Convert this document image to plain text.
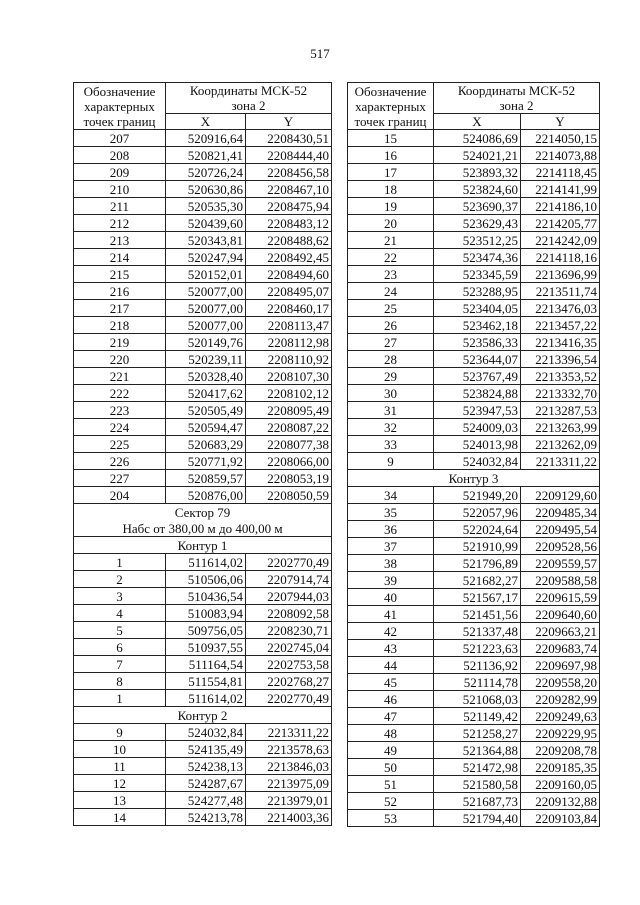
517
Обозначение
характерных
точек границ	Координаты МСК-52	
	зона 2	
	X	Y
207	520916,64	2208430,51
208	520821,41	2208444,40
209	520726,24	2208456,58
210	520630,86	2208467,10
211	520535,30	2208475,94
212	520439,60	2208483,12
213	520343,81	2208488,62
214	520247,94	2208492,45
215	520152,01	2208494,60
216	520077,00	2208495,07
217	520077,00	2208460,17
218	520077,00	2208113,47
219	520149,76	2208112,98
220	520239,11	2208110,92
221	520328,40	2208107,30
222	520417,62	2208102,12
223	520505,49	2208095,49
224	520594,47	2208087,22
225	520683,29	2208077,38
226	520771,92	2208066,00
227	520859,57	2208053,19
204	520876,00	2208050,59
Сектор 79		
Набс от 380,00 м до 400,00 м		
Контур 1		
1	511614,02	2202770,49
2	510506,06	2207914,74
3	510436,54	2207944,03
4	510083,94	2208092,58
5	509756,05	2208230,71
6	510937,55	2202745,04
7	511164,54	2202753,58
8	511554,81	2202768,27
1	511614,02	2202770,49
Контур 2		
9	524032,84	2213311,22
10	524135,49	2213578,63
11	524238,13	2213846,03
12	524287,67	2213975,09
13	524277,48	2213979,01
14	524213,78	2214003,36
Обозначение
характерных
точек границ	Координаты МСК-52	
	зона 2	
	X	Y
15	524086,69	2214050,15
16	524021,21	2214073,88
17	523893,32	2214118,45
18	523824,60	2214141,99
19	523690,37	2214186,10
20	523629,43	2214205,77
21	523512,25	2214242,09
22	523474,36	2214118,16
23	523345,59	2213696,99
24	523288,95	2213511,74
25	523404,05	2213476,03
26	523462,18	2213457,22
27	523586,33	2213416,35
28	523644,07	2213396,54
29	523767,49	2213353,52
30	523824,88	2213332,70
31	523947,53	2213287,53
32	524009,03	2213263,99
33	524013,98	2213262,09
9	524032,84	2213311,22
Контур 3		
34	521949,20	2209129,60
35	522057,96	2209485,34
36	522024,64	2209495,54
37	521910,99	2209528,56
38	521796,89	2209559,57
39	521682,27	2209588,58
40	521567,17	2209615,59
41	521451,56	2209640,60
42	521337,48	2209663,21
43	521223,63	2209683,74
44	521136,92	2209697,98
45	521114,78	2209558,20
46	521068,03	2209282,99
47	521149,42	2209249,63
48	521258,27	2209229,95
49	521364,88	2209208,78
50	521472,98	2209185,35
51	521580,58	2209160,05
52	521687,73	2209132,88
53	521794,40	2209103,84
